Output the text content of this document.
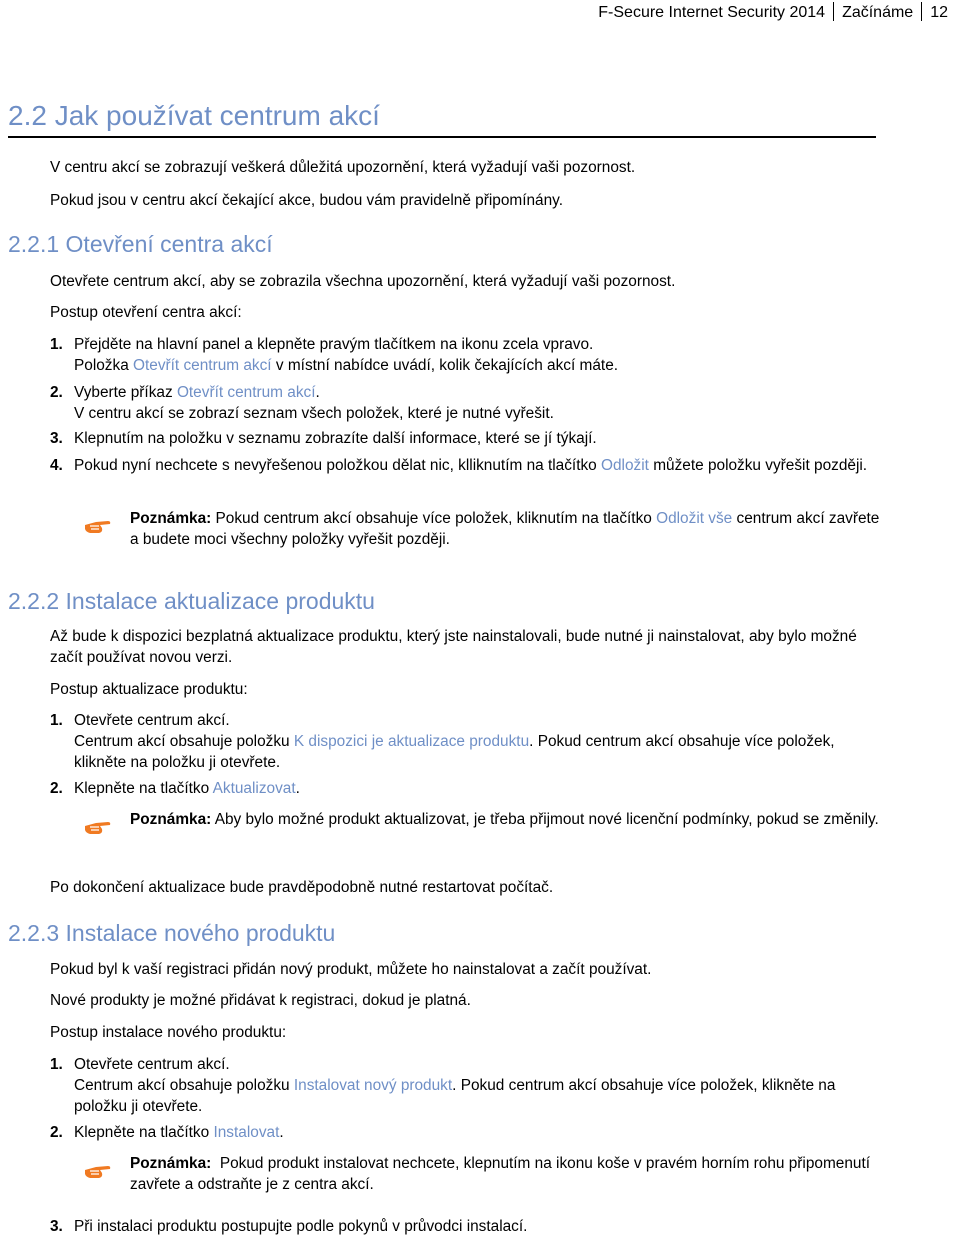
F-Secure Internet Security 2014 Začínáme 12
2.2 Jak používat centrum akcí
V centru akcí se zobrazují veškerá důležitá upozornění, která vyžadují vaši pozornost.
Pokud jsou v centru akcí čekající akce, budou vám pravidelně připomínány.
2.2.1 Otevření centra akcí
Otevřete centrum akcí, aby se zobrazila všechna upozornění, která vyžadují vaši pozornost.
Postup otevření centra akcí:
1. Přejděte na hlavní panel a klepněte pravým tlačítkem na ikonu zcela vpravo.
Položka Otevřít centrum akcí v místní nabídce uvádí, kolik čekajících akcí máte.
2. Vyberte příkaz Otevřít centrum akcí.
V centru akcí se zobrazí seznam všech položek, které je nutné vyřešit.
3. Klepnutím na položku v seznamu zobrazíte další informace, které se jí týkají.
4. Pokud nyní nechcete s nevyřešenou položkou dělat nic, klliknutím na tlačítko Odložit můžete položku vyřešit později.
Poznámka: Pokud centrum akcí obsahuje více položek, kliknutím na tlačítko Odložit vše centrum akcí zavřete a budete moci všechny položky vyřešit později.
2.2.2 Instalace aktualizace produktu
Až bude k dispozici bezplatná aktualizace produktu, který jste nainstalovali, bude nutné ji nainstalovat, aby bylo možné začít používat novou verzi.
Postup aktualizace produktu:
1. Otevřete centrum akcí.
Centrum akcí obsahuje položku K dispozici je aktualizace produktu. Pokud centrum akcí obsahuje více položek, klikněte na položku ji otevřete.
2. Klepněte na tlačítko Aktualizovat.
Poznámka: Aby bylo možné produkt aktualizovat, je třeba přijmout nové licenční podmínky, pokud se změnily.
Po dokončení aktualizace bude pravděpodobně nutné restartovat počítač.
2.2.3 Instalace nového produktu
Pokud byl k vaší registraci přidán nový produkt, můžete ho nainstalovat a začít používat.
Nové produkty je možné přidávat k registraci, dokud je platná.
Postup instalace nového produktu:
1. Otevřete centrum akcí.
Centrum akcí obsahuje položku Instalovat nový produkt. Pokud centrum akcí obsahuje více položek, klikněte na položku ji otevřete.
2. Klepněte na tlačítko Instalovat.
Poznámka:  Pokud produkt instalovat nechcete, klepnutím na ikonu koše v pravém horním rohu připomenutí zavřete a odstraňte je z centra akcí.
3. Při instalaci produktu postupujte podle pokynů v průvodci instalací.
